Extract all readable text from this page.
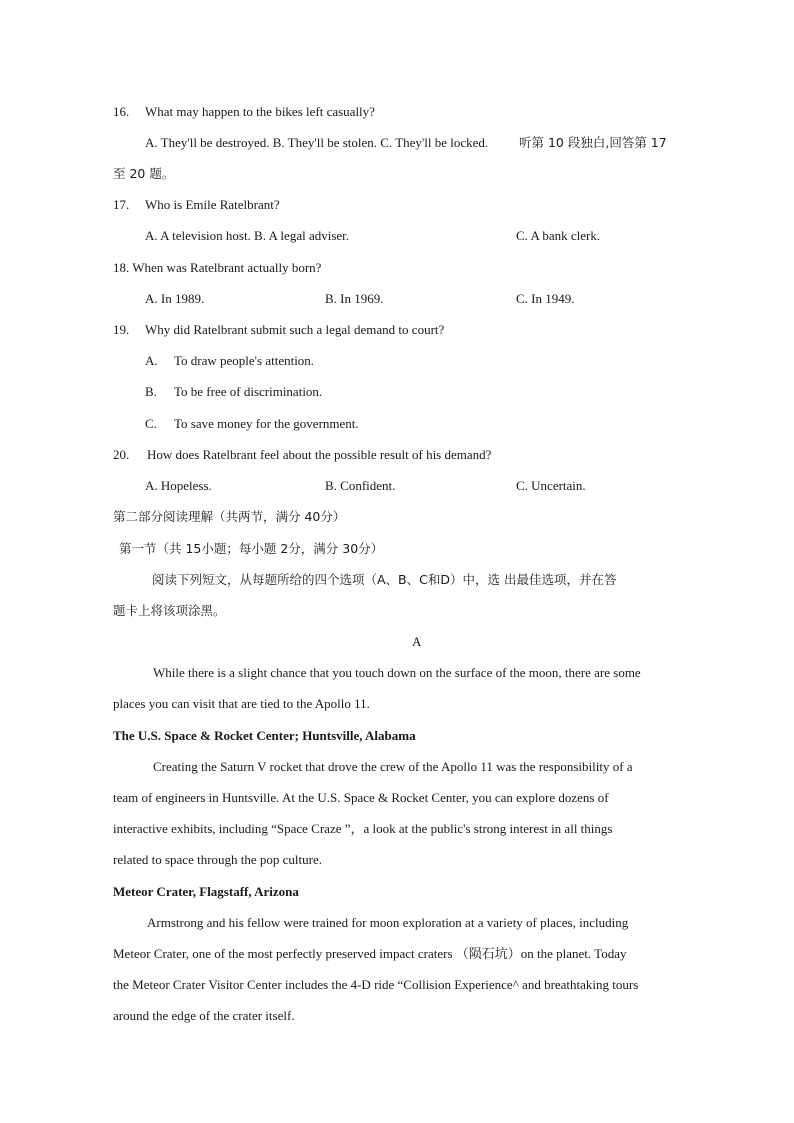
16. What may happen to the bikes left casually?
A. They'll be destroyed. B. They'll be stolen. C. They'll be locked. 听第 10 段独白,回答第 17
至 20 题。
17. Who is Emile Ratelbrant?
A. A television host. B. A legal adviser.	C. A bank clerk.
18. When was Ratelbrant actually born?
A. In 1989.	B. In 1969.	C. In 1949.
19. Why did Ratelbrant submit such a legal demand to court?
A. To draw people's attention.
B. To be free of discrimination.
C. To save money for the government.
20. How does Ratelbrant feel about the possible result of his demand?
A. Hopeless.	B. Confident.	C. Uncertain.
第二部分阅读理解（共两节，满分 40分）
第一节（共 15小题；每小题 2分，满分 30分）
阅读下列短文，从每题所给的四个选项（A、B、C和D）中，选 出最佳选项，并在答
题卡上将该项涂黑。
A
While there is a slight chance that you touch down on the surface of the moon, there are some
places you can visit that are tied to the Apollo 11.
The U.S. Space & Rocket Center; Huntsville, Alabama
Creating the Saturn V rocket that drove the crew of the Apollo 11 was the responsibility of a
team of engineers in Huntsville. At the U.S. Space & Rocket Center, you can explore dozens of
interactive exhibits, including “Space Craze ”，a look at the public's strong interest in all things
related to space through the pop culture.
Meteor Crater, Flagstaff, Arizona
Armstrong and his fellow were trained for moon exploration at a variety of places, including
Meteor Crater, one of the most perfectly preserved impact craters （陨石坑）on the planet. Today
the Meteor Crater Visitor Center includes the 4-D ride “Collision Experience^ and breathtaking tours
around the edge of the crater itself.
